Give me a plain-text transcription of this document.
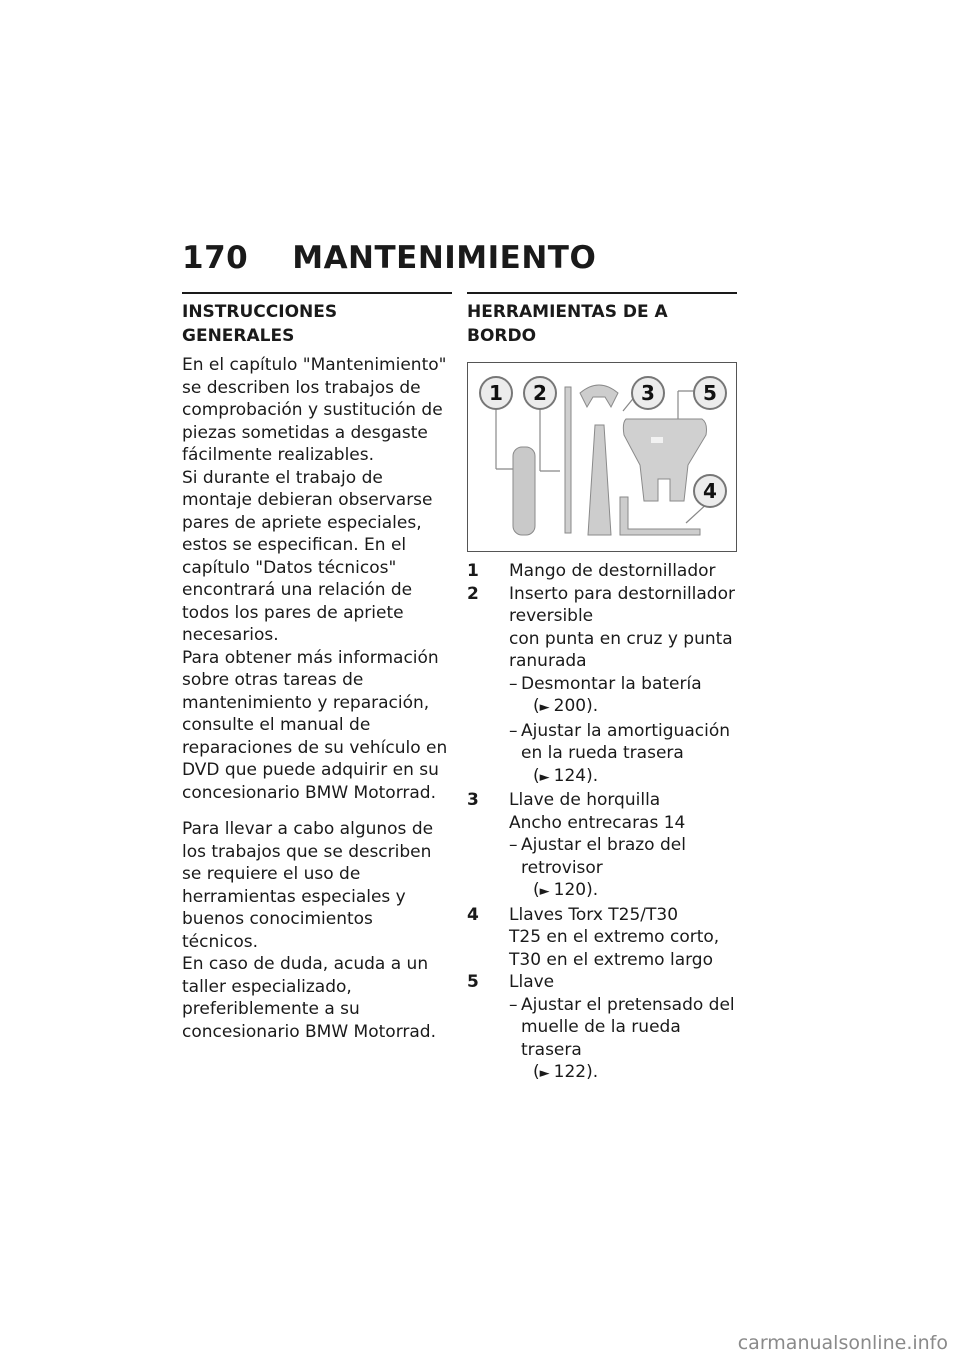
170 MANTENIMIENTO
INSTRUCCIONES GENERALES

En el capítulo "Mantenimiento" se describen los trabajos de comprobación y sustitución de piezas sometidas a desgaste fácilmente realizables.

Si durante el trabajo de montaje debieran observarse pares de apriete especiales, estos se especifican. En el capítulo "Datos técnicos" encontrará una relación de todos los pares de apriete necesarios.

Para obtener más información sobre otras tareas de mantenimiento y reparación, consulte el manual de reparaciones de su vehículo en DVD que puede adquirir en su concesionario BMW Motorrad.

Para llevar a cabo algunos de los trabajos que se describen se requiere el uso de herramientas especiales y buenos conocimientos técnicos.

En caso de duda, acuda a un taller especializado, preferiblemente a su concesionario BMW Motorrad.

HERRAMIENTAS DE A BORDO
1 2	3 5
4
1	Mango de destornillador
2	Inserto para destornillador reversible
con punta en cruz y punta ranurada
– Desmontar la batería
(► 200).
– Ajustar la amortiguación en la rueda trasera
(► 124).
3	Llave de horquilla
Ancho entrecaras 14
– Ajustar el brazo del retrovisor
(► 120).
4	Llaves Torx T25/T30
T25 en el extremo corto,
T30 en el extremo largo
5	Llave
– Ajustar el pretensado del muelle de la rueda trasera
(► 122).
carmanualsonline.info
